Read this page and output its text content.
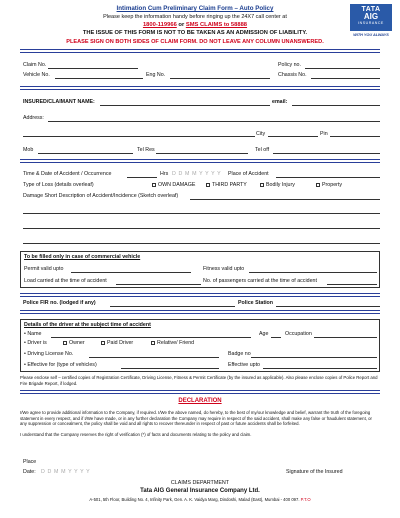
Intimation Cum Preliminary Claim Form – Auto Policy
Please keep the information handy before ringing up the 24X7 call center at
1800-119966 or SMS CLAIMS to 58888
THE ISSUE OF THIS FORM IS NOT TO BE TAKEN AS AN ADMISSION OF LIABILITY.
PLEASE SIGN ON BOTH SIDES OF CLAIM FORM. DO NOT LEAVE ANY COLUMN UNANSWERED.
TATA
AIG
INSURANCE
WITH YOU ALWAYS
Claim No.	Policy no.
Vehicle No.	Eng No.	Chassis No.
INSURED/CLAIMANT NAME:	email:
Address:
City	Pin
Mob	Tel Res	Tel off
Time & Date of Accident / Occurrence	Hrs D D M M Y Y Y Y Place of Accident
Type of Loss (details overleaf)	OWN DAMAGE	THIRD PARTY	Bodily Injury	Property
Damage Short Description of Accident/Incidence (Sketch overleaf)
To be filled only in case of commercial vehicle
Permit valid upto	Fitness valid upto
Load carried at the time of accident	No. of passengers carried at the time of accident
Police FIR no. (lodged if any)	Police Station
Details of the driver at the subject time of accident
• Name	Age	Occupation
• Driver is	Owner	Paid Driver	Relative/ Friend
• Driving License No.	Badge no
• Effective for (type of vehicles)	Effective upto
Please enclose self – certified copies of Registration Certificate, Driving License, Fitness & Permit Certificate (by the insured as applicable). Also please enclose copies of Police Report and Fire Brigade Report, if lodged.
DECLARATION
I/We agree to provide additional information to the Company, if required. I/We the above named, do hereby, to the best of my/our knowledge and belief, warrant the truth of the foregoing statement in every respect, and if I/We have made, or in any further declaration the Company may require in respect of the said accident, shall make any false or fraudulent statement, or any suppression or concealment, the policy shall be void and all rights to recover thereunder in respect of past or future accidents shall be forfeited.
I understand that the Company reserves the right of verification (*) of facts and documents relating to the policy and claim.
Place
Date: D D M M Y Y Y Y	Signature of the Insured
CLAIMS DEPARTMENT
Tata AIG General Insurance Company Ltd.
A-501, 5th Floor, Building No. 4, Infinity Park, Gen. A. K. Vaidya Marg, Dindoshi, Malad (East), Mumbai - 400 097. P.T.O
